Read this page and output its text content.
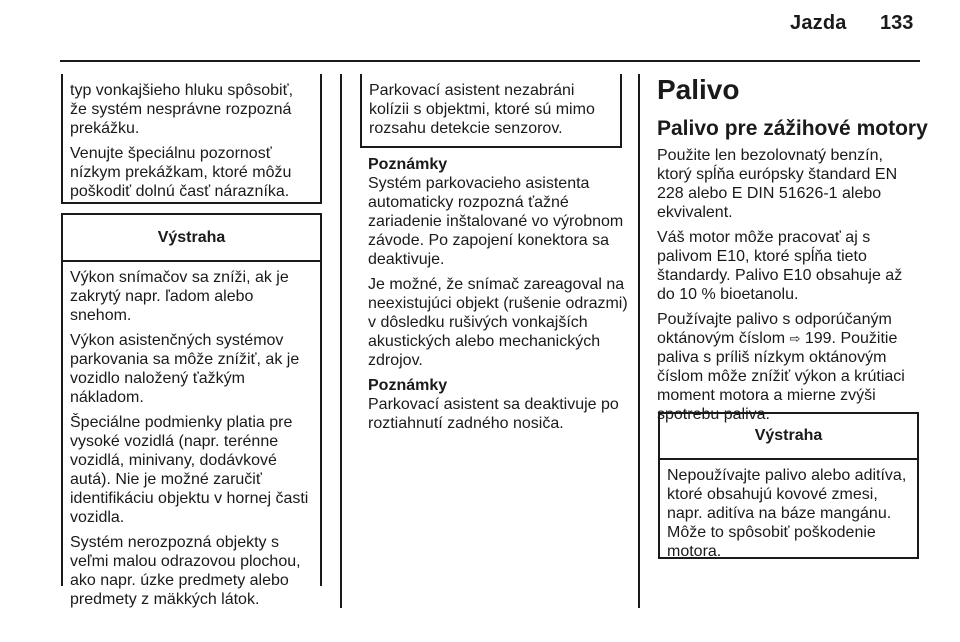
Jazda 133

typ vonkajšieho hluku spôsobiť, že systém nesprávne rozpozná prekážku.

Venujte špeciálnu pozornosť nízkym prekážkam, ktoré môžu poškodiť dolnú časť nárazníka.

Výstraha

Výkon snímačov sa zníži, ak je zakrytý napr. ľadom alebo snehom.

Výkon asistenčných systémov parkovania sa môže znížiť, ak je vozidlo naložený ťažkým nákladom.

Špeciálne podmienky platia pre vysoké vozidlá (napr. terénne vozidlá, minivany, dodávkové autá). Nie je možné zaručiť identifikáciu objektu v hornej časti vozidla.

Systém nerozpozná objekty s veľmi malou odrazovou plochou, ako napr. úzke predmety alebo predmety z mäkkých látok.

Parkovací asistent nezabráni kolízii s objektmi, ktoré sú mimo rozsahu detekcie senzorov.

Poznámky

Systém parkovacieho asistenta automaticky rozpozná ťažné zariadenie inštalované vo výrobnom závode. Po zapojení konektora sa deaktivuje.

Je možné, že snímač zareagoval na neexistujúci objekt (rušenie odrazmi) v dôsledku rušivých vonkajších akustických alebo mechanických zdrojov.

Poznámky

Parkovací asistent sa deaktivuje po roztiahnutí zadného nosiča.

Palivo
Palivo pre zážihové motory

Použite len bezolovnatý benzín, ktorý spĺňa európsky štandard EN 228 alebo E DIN 51626-1 alebo ekvivalent.

Váš motor môže pracovať aj s palivom E10, ktoré spĺňa tieto štandardy. Palivo E10 obsahuje až do 10 % bioetanolu.

Používajte palivo s odporúčaným oktánovým číslom ⇨ 199. Použitie paliva s príliš nízkym oktánovým číslom môže znížiť výkon a krútiaci moment motora a mierne zvýši spotrebu paliva.

Výstraha

Nepoužívajte palivo alebo aditíva, ktoré obsahujú kovové zmesi, napr. aditíva na báze mangánu. Môže to spôsobiť poškodenie motora.
